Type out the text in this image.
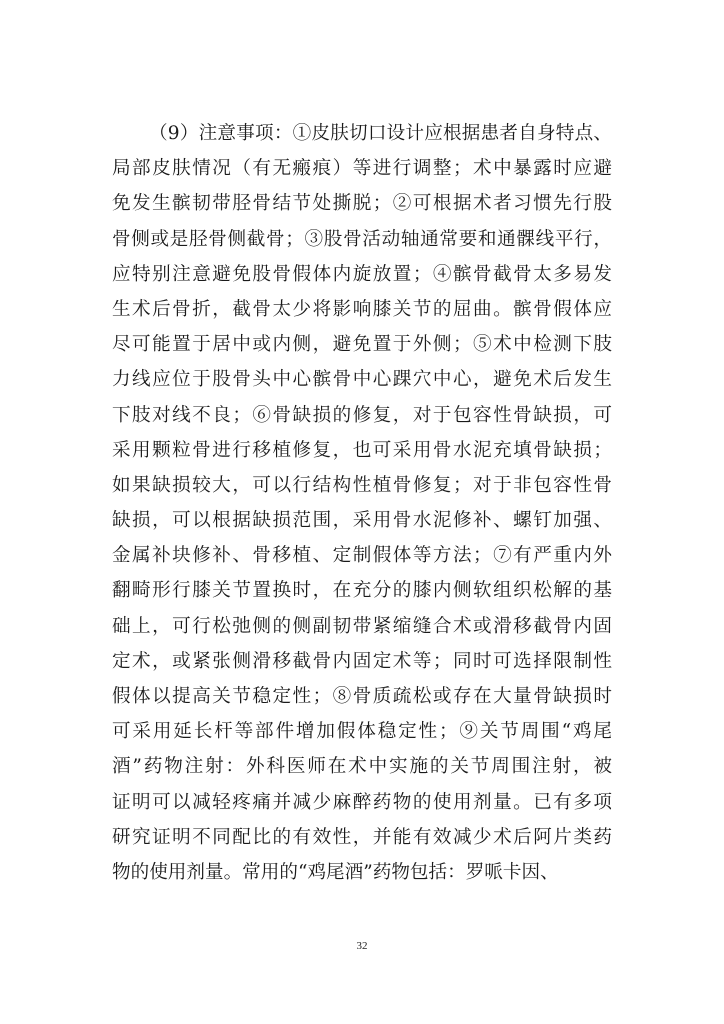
（9）注意事项：①皮肤切口设计应根据患者自身特点、
局部皮肤情况（有无瘢痕）等进行调整；术中暴露时应避
免发生髌韧带胫骨结节处撕脱；②可根据术者习惯先行股
骨侧或是胫骨侧截骨；③股骨活动轴通常要和通髁线平行，
应特别注意避免股骨假体内旋放置；④髌骨截骨太多易发
生术后骨折，截骨太少将影响膝关节的屈曲。髌骨假体应
尽可能置于居中或内侧，避免置于外侧；⑤术中检测下肢
力线应位于股骨头中心髌骨中心踝穴中心，避免术后发生
下肢对线不良；⑥骨缺损的修复，对于包容性骨缺损，可
采用颗粒骨进行移植修复，也可采用骨水泥充填骨缺损；
如果缺损较大，可以行结构性植骨修复；对于非包容性骨
缺损，可以根据缺损范围，采用骨水泥修补、螺钉加强、
金属补块修补、骨移植、定制假体等方法；⑦有严重内外
翻畸形行膝关节置换时，在充分的膝内侧软组织松解的基
础上，可行松弛侧的侧副韧带紧缩缝合术或滑移截骨内固
定术，或紧张侧滑移截骨内固定术等；同时可选择限制性
假体以提高关节稳定性；⑧骨质疏松或存在大量骨缺损时
可采用延长杆等部件增加假体稳定性；⑨关节周围“鸡尾
酒”药物注射：外科医师在术中实施的关节周围注射，被
证明可以减轻疼痛并减少麻醉药物的使用剂量。已有多项
研究证明不同配比的有效性，并能有效减少术后阿片类药
物的使用剂量。常用的“鸡尾酒”药物包括：罗哌卡因、
32
